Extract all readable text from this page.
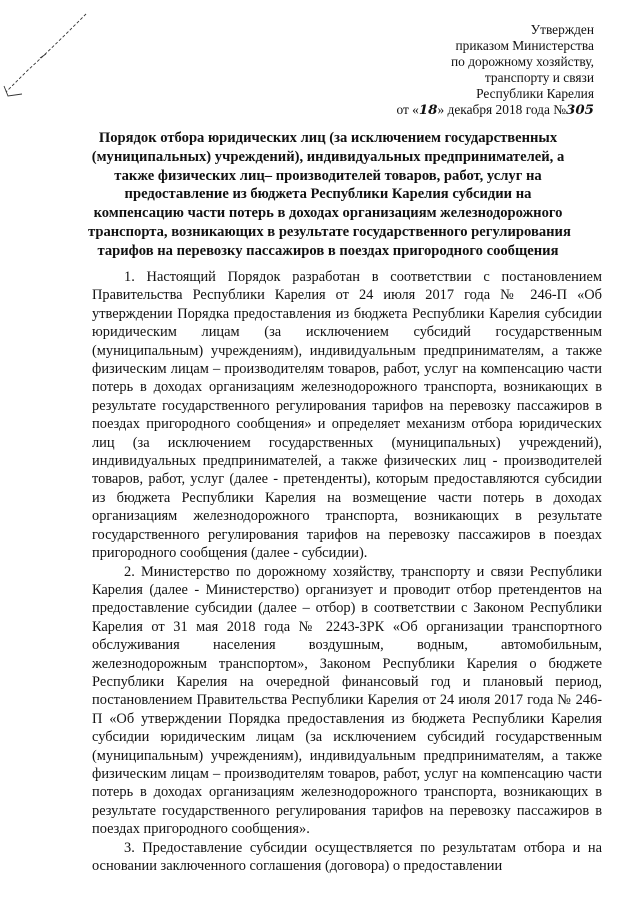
Утвержден
приказом Министерства
по дорожному хозяйству,
транспорту и связи
Республики Карелия
от «18» декабря 2018 года №305
Порядок отбора юридических лиц (за исключением государственных
(муниципальных) учреждений), индивидуальных предпринимателей, а
также физических лиц– производителей товаров, работ, услуг на
предоставление из бюджета Республики Карелия субсидии на
компенсацию части потерь в доходах организациям железнодорожного
транспорта, возникающих в результате государственного регулирования
тарифов на перевозку пассажиров в поездах пригородного сообщения

1. Настоящий Порядок разработан в соответствии с постановлением Правительства Республики Карелия от 24 июля 2017 года № 246-П «Об утверждении Порядка предоставления из бюджета Республики Карелия субсидии юридическим лицам (за исключением субсидий государственным (муниципальным) учреждениям), индивидуальным предпринимателям, а также физическим лицам – производителям товаров, работ, услуг на компенсацию части потерь в доходах организациям железнодорожного транспорта, возникающих в результате государственного регулирования тарифов на перевозку пассажиров в поездах пригородного сообщения» и определяет механизм отбора юридических лиц (за исключением государственных (муниципальных) учреждений), индивидуальных предпринимателей, а также физических лиц - производителей товаров, работ, услуг (далее - претенденты), которым предоставляются субсидии из бюджета Республики Карелия на возмещение части потерь в доходах организациям железнодорожного транспорта, возникающих в результате государственного регулирования тарифов на перевозку пассажиров в поездах пригородного сообщения (далее - субсидии).

2. Министерство по дорожному хозяйству, транспорту и связи Республики Карелия (далее - Министерство) организует и проводит отбор претендентов на предоставление субсидии (далее – отбор) в соответствии с Законом Республики Карелия от 31 мая 2018 года № 2243-ЗРК «Об организации транспортного обслуживания населения воздушным, водным, автомобильным, железнодорожным транспортом», Законом Республики Карелия о бюджете Республики Карелия на очередной финансовый год и плановый период, постановлением Правительства Республики Карелия от 24 июля 2017 года № 246-П «Об утверждении Порядка предоставления из бюджета Республики Карелия субсидии юридическим лицам (за исключением субсидий государственным (муниципальным) учреждениям), индивидуальным предпринимателям, а также физическим лицам – производителям товаров, работ, услуг на компенсацию части потерь в доходах организациям железнодорожного транспорта, возникающих в результате государственного регулирования тарифов на перевозку пассажиров в поездах пригородного сообщения».

3. Предоставление субсидии осуществляется по результатам отбора и на основании заключенного соглашения (договора) о предоставлении
